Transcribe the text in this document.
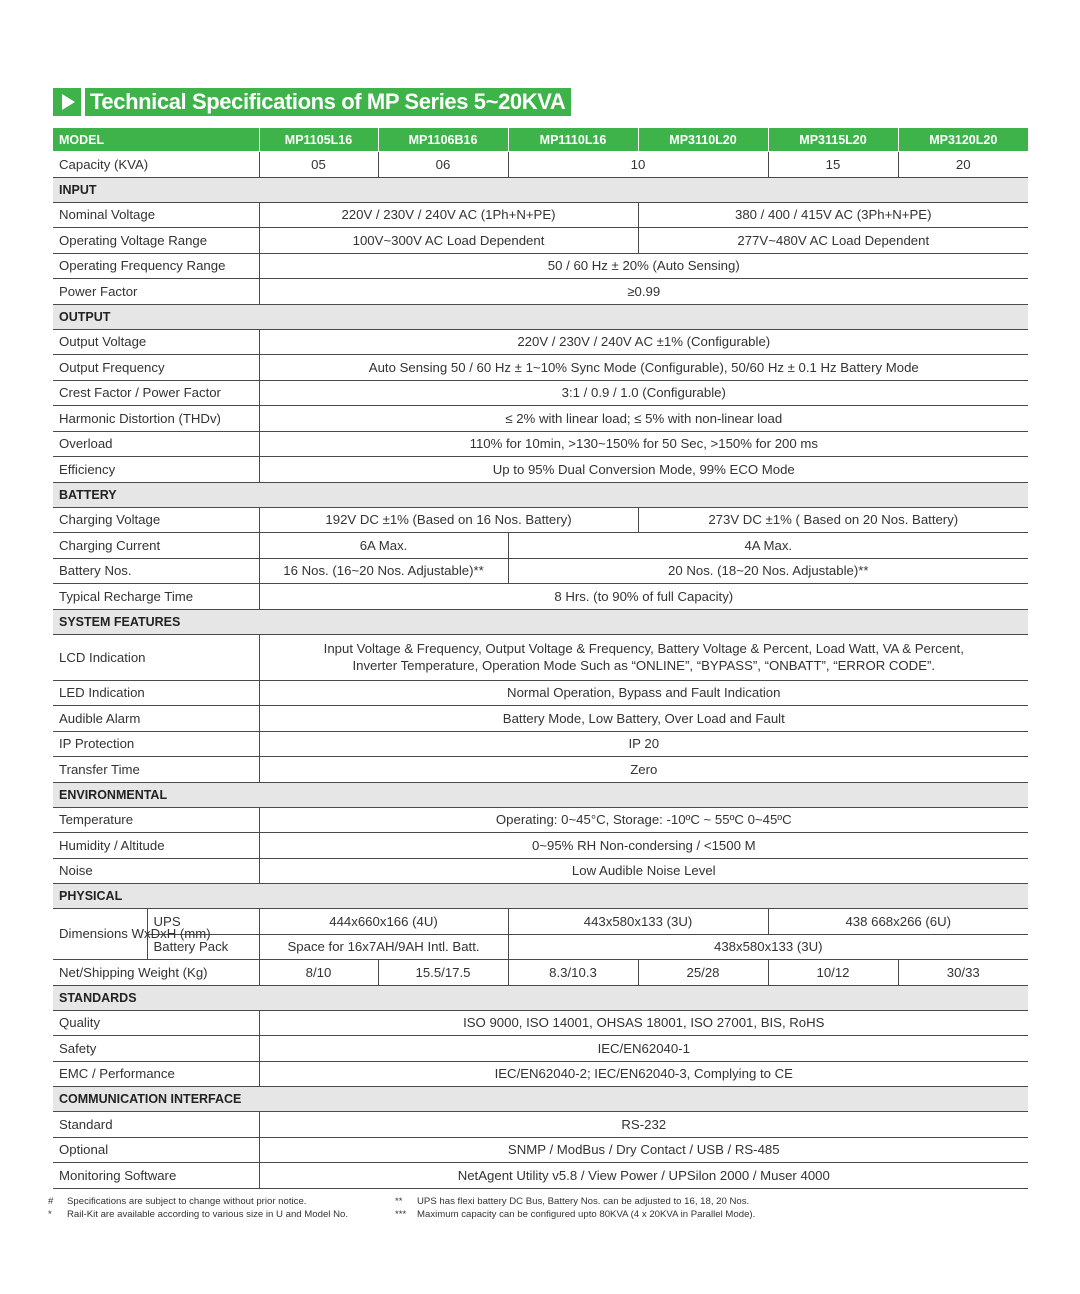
Technical Specifications of MP Series 5~20KVA
MODEL		MP1105L16	MP1106B16	MP1110L16	MP3110L20	MP3115L20	MP3120L20
Capacity (KVA)		05	06	10		15	20
INPUT							
Nominal Voltage		220V / 230V / 240V AC (1Ph+N+PE)			380 / 400 / 415V AC (3Ph+N+PE)		
Operating Voltage Range		100V~300V AC Load Dependent			277V~480V AC Load Dependent		
Operating Frequency Range		50 / 60 Hz ± 20% (Auto Sensing)					
Power Factor		≥0.99					
OUTPUT							
Output Voltage		220V / 230V / 240V AC ±1% (Configurable)					
Output Frequency		Auto Sensing 50 / 60 Hz ± 1~10% Sync Mode (Configurable), 50/60 Hz ± 0.1 Hz Battery Mode					
Crest Factor / Power Factor		3:1 / 0.9 / 1.0 (Configurable)					
Harmonic Distortion (THDv)		≤ 2% with linear load; ≤ 5% with non-linear load					
Overload		110% for 10min, >130~150% for 50 Sec, >150% for 200 ms					
Efficiency		Up to 95% Dual Conversion Mode, 99% ECO Mode					
BATTERY							
Charging Voltage		192V DC ±1% (Based on 16 Nos. Battery)			273V DC ±1% ( Based on 20 Nos. Battery)		
Charging Current		6A Max.		4A Max.			
Battery Nos.		16 Nos. (16~20 Nos. Adjustable)**		20 Nos. (18~20 Nos. Adjustable)**			
Typical Recharge Time		8 Hrs. (to 90% of full Capacity)					
SYSTEM FEATURES							
LCD Indication		Input Voltage & Frequency, Output Voltage & Frequency, Battery Voltage & Percent, Load Watt, VA & Percent,
Inverter Temperature, Operation Mode Such as “ONLINE”, “BYPASS”, “ONBATT”, “ERROR CODE”.					

LED Indication		Normal Operation, Bypass and Fault Indication					
Audible Alarm		Battery Mode, Low Battery, Over Load and Fault					
IP Protection		IP 20					
Transfer Time		Zero					
ENVIRONMENTAL							
Temperature		Operating: 0~45°C, Storage: -10ºC ~ 55ºC 0~45ºC					
Humidity / Altitude		0~95% RH Non-condersing / <1500 M					
Noise		Low Audible Noise Level					
PHYSICAL							
Dimensions WxDxH (mm)	UPS	444x660x166 (4U)		443x580x133 (3U)		438 668x266 (6U)	
	Battery Pack	Space for 16x7AH/9AH Intl. Batt.		438x580x133 (3U)			
Net/Shipping Weight (Kg)		8/10	15.5/17.5	8.3/10.3	25/28	10/12	30/33
STANDARDS							
Quality		ISO 9000, ISO 14001, OHSAS 18001, ISO 27001, BIS, RoHS					
Safety		IEC/EN62040-1					
EMC / Performance		IEC/EN62040-2; IEC/EN62040-3, Complying to CE					
COMMUNICATION INTERFACE							
Standard		RS-232					
Optional		SNMP / ModBus / Dry Contact / USB / RS-485					
Monitoring Software		NetAgent Utility v5.8 / View Power / UPSilon 2000 / Muser 4000					
#	Specifications are subject to change without prior notice.
*	Rail-Kit are available according to various size in U and Model No.
**	UPS has flexi battery DC Bus, Battery Nos. can be adjusted to 16, 18, 20 Nos.
***	Maximum capacity can be configured upto 80KVA (4 x 20KVA in Parallel Mode).
